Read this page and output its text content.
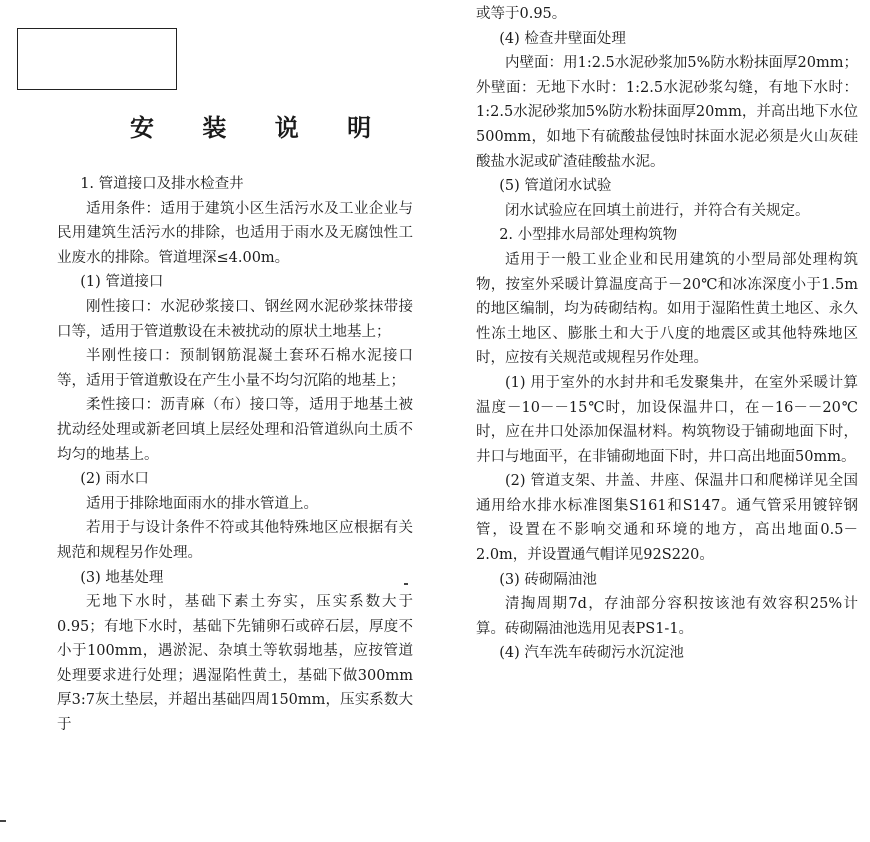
安 装 说 明

1. 管道接口及排水检查井

适用条件：适用于建筑小区生活污水及工业企业与民用建筑生活污水的排除，也适用于雨水及无腐蚀性工业废水的排除。管道埋深≤4.00m。

(1) 管道接口

刚性接口：水泥砂浆接口、钢丝网水泥砂浆抹带接口等，适用于管道敷设在未被扰动的原状土地基上；

半刚性接口：预制钢筋混凝土套环石棉水泥接口等，适用于管道敷设在产生小量不均匀沉陷的地基上；

柔性接口：沥青麻（布）接口等，适用于地基土被扰动经处理或新老回填上层经处理和沿管道纵向土质不均匀的地基上。

(2) 雨水口

适用于排除地面雨水的排水管道上。

若用于与设计条件不符或其他特殊地区应根据有关规范和规程另作处理。

(3) 地基处理

无地下水时，基础下素土夯实，压实系数大于0.95；有地下水时，基础下先铺卵石或碎石层，厚度不小于100mm，遇淤泥、杂填土等软弱地基，应按管道处理要求进行处理；遇湿陷性黄土，基础下做300mm厚3:7灰土垫层，并超出基础四周150mm，压实系数大于

或等于0.95。

(4) 检查井壁面处理

内壁面：用1:2.5水泥砂浆加5%防水粉抹面厚20mm；外壁面：无地下水时：1:2.5水泥砂浆勾缝，有地下水时：1:2.5水泥砂浆加5%防水粉抹面厚20mm，并高出地下水位500mm，如地下有硫酸盐侵蚀时抹面水泥必须是火山灰硅酸盐水泥或矿渣硅酸盐水泥。

(5) 管道闭水试验

闭水试验应在回填土前进行，并符合有关规定。

2. 小型排水局部处理构筑物

适用于一般工业企业和民用建筑的小型局部处理构筑物，按室外采暖计算温度高于－20℃和冰冻深度小于1.5m的地区编制，均为砖砌结构。如用于湿陷性黄土地区、永久性冻土地区、膨胀土和大于八度的地震区或其他特殊地区时，应按有关规范或规程另作处理。

(1) 用于室外的水封井和毛发聚集井，在室外采暖计算温度－10－－15℃时，加设保温井口，在－16－－20℃时，应在井口处添加保温材料。构筑物设于铺砌地面下时，井口与地面平，在非铺砌地面下时，井口高出地面50mm。

(2) 管道支架、井盖、井座、保温井口和爬梯详见全国通用给水排水标准图集S161和S147。通气管采用镀锌钢管，设置在不影响交通和环境的地方，高出地面0.5－2.0m，并设置通气帽详见92S220。

(3) 砖砌隔油池

清掏周期7d，存油部分容积按该池有效容积25%计算。砖砌隔油池选用见表PS1-1。

(4) 汽车洗车砖砌污水沉淀池
